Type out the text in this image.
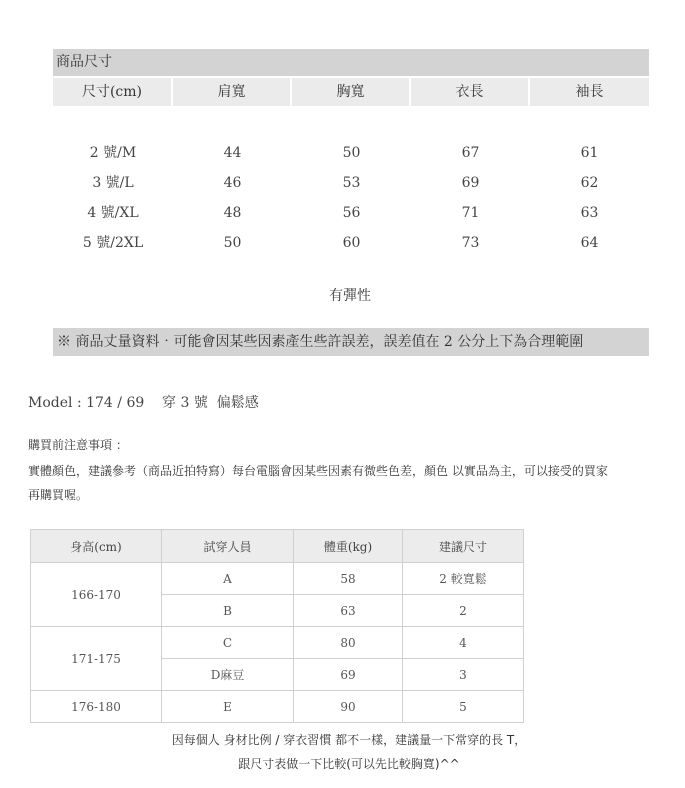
商品尺寸
尺寸(cm)	肩寬	胸寬	衣長	袖長
2 號/M	44	50	67	61
3 號/L	46	53	69	62
4 號/XL	48	56	71	63
5 號/2XL	50	60	73	64
有彈性
※ 商品丈量資料‧可能會因某些因素產生些許誤差，誤差值在 2 公分上下為合理範圍
Model : 174 / 69    穿 3 號  偏鬆感
購買前注意事項 ：
實體顏色，建議參考（商品近拍特寫）每台電腦會因某些因素有微些色差，顏色 以實品為主，可以接受的買家
再購買喔。
身高(cm)	試穿人員	體重(kg)	建議尺寸
166-170	A	58	2 較寬鬆
	B	63	2
171-175	C	80	4
	D麻豆	69	3
176-180	E	90	5
因每個人 身材比例 / 穿衣習慣 都不一樣，建議量一下常穿的長 T，
跟尺寸表做一下比較(可以先比較胸寬)^^
